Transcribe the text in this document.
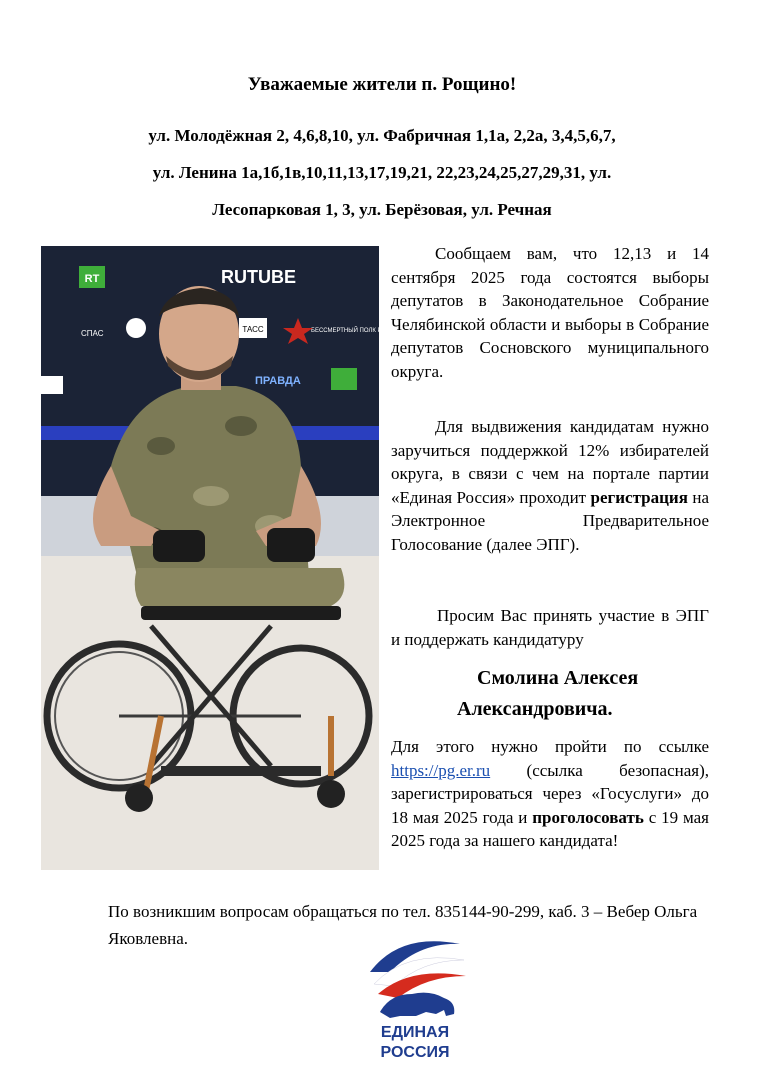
Уважаемые жители п. Рощино!
ул. Молодёжная 2, 4,6,8,10, ул. Фабричная 1,1а, 2,2а, 3,4,5,6,7,
ул. Ленина 1а,1б,1в,10,11,13,17,19,21, 22,23,24,25,27,29,31, ул.
Лесопарковая 1, 3, ул. Берёзовая, ул. Речная
RT	RUTUBE
ТАСС	БЕССМЕРТНЫЙ ПОЛК РОССИИ
ПРАВДА
СПАС

Сообщаем вам, что 12,13 и 14 сентября 2025 года состоятся выборы депутатов в Законодательное Собрание Челябинской области и выборы в Собрание депутатов Сосновского муниципального округа.

Для выдвижения кандидатам нужно заручиться поддержкой 12% избирателей округа, в связи с чем на портале партии «Единая Россия» проходит регистрация на Электронное Предварительное Голосование (далее ЭПГ).

Просим Вас принять участие в ЭПГ и поддержать кандидатуру

Смолина Алексея
Александровича.

Для этого нужно пройти по ссылке https://pg.er.ru (ссылка безопасная), зарегистрироваться через «Госуслуги» до 18 мая 2025 года и проголосовать с 19 мая 2025 года за нашего кандидата!

По возникшим вопросам обращаться по тел. 835144-90-299, каб. 3 – Вебер Ольга Яковлевна.
ЕДИНАЯ
РОССИЯ
